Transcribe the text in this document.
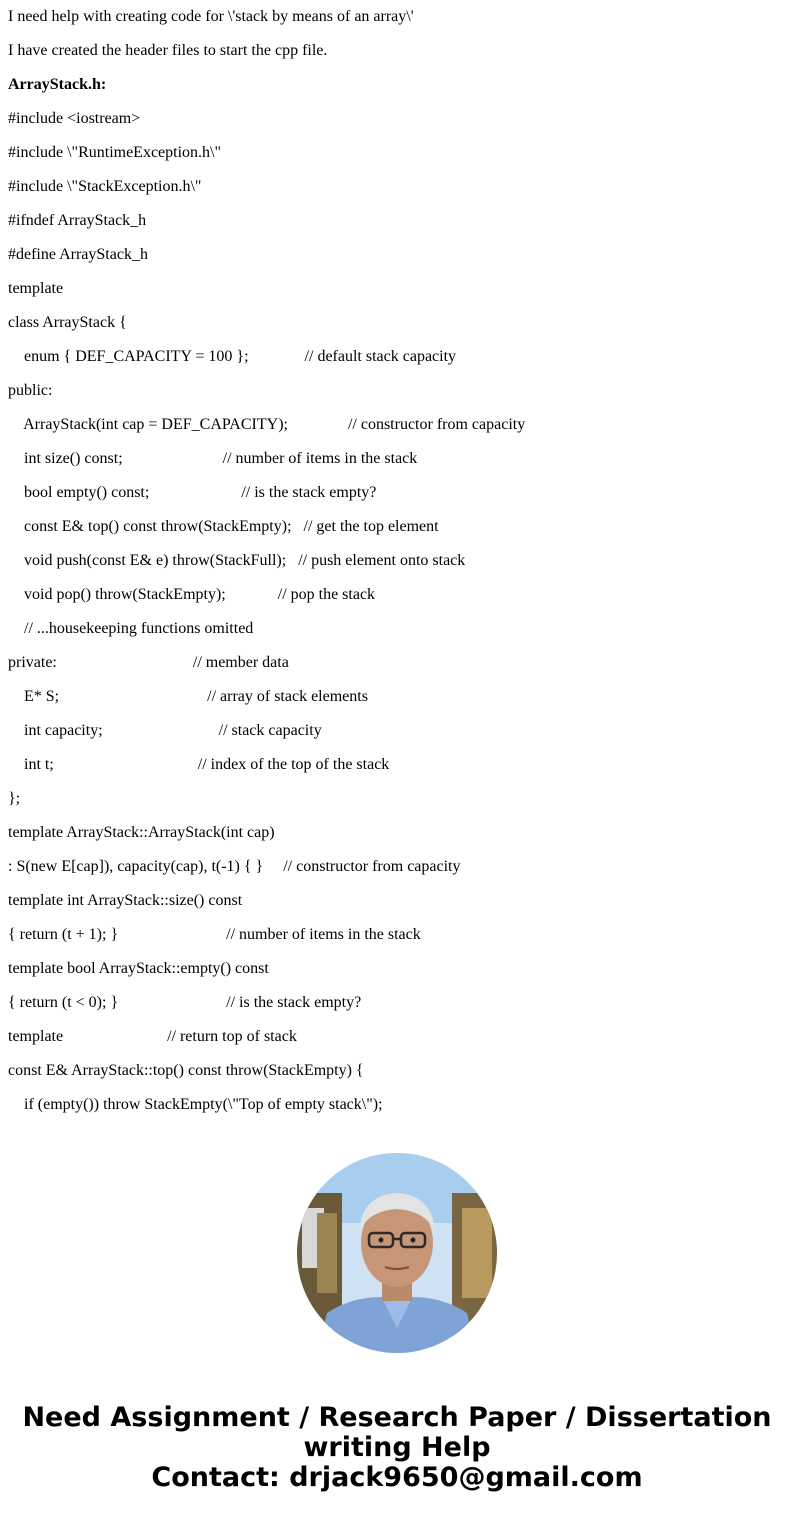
I need help with creating code for \'stack by means of an array\'

I have created the header files to start the cpp file.

ArrayStack.h:

#include <iostream>

#include \"RuntimeException.h\"

#include \"StackException.h\"

#ifndef ArrayStack_h

#define ArrayStack_h

template

class ArrayStack {

enum { DEF_CAPACITY = 100 };              // default stack capacity

public:

ArrayStack(int cap = DEF_CAPACITY);               // constructor from capacity

int size() const;                         // number of items in the stack

bool empty() const;                       // is the stack empty?

const E& top() const throw(StackEmpty);   // get the top element

void push(const E& e) throw(StackFull);   // push element onto stack

void pop() throw(StackEmpty);             // pop the stack

// ...housekeeping functions omitted

private:                                  // member data

E* S;                                     // array of stack elements

int capacity;                             // stack capacity

int t;                                    // index of the top of the stack

};

template ArrayStack::ArrayStack(int cap)

: S(new E[cap]), capacity(cap), t(-1) { }     // constructor from capacity

template int ArrayStack::size() const

{ return (t + 1); }                           // number of items in the stack

template bool ArrayStack::empty() const

{ return (t < 0); }                           // is the stack empty?

template                          // return top of stack

const E& ArrayStack::top() const throw(StackEmpty) {

if (empty()) throw StackEmpty(\"Top of empty stack\");

Need Assignment / Research Paper / Dissertation
writing Help
Contact: drjack9650@gmail.com
